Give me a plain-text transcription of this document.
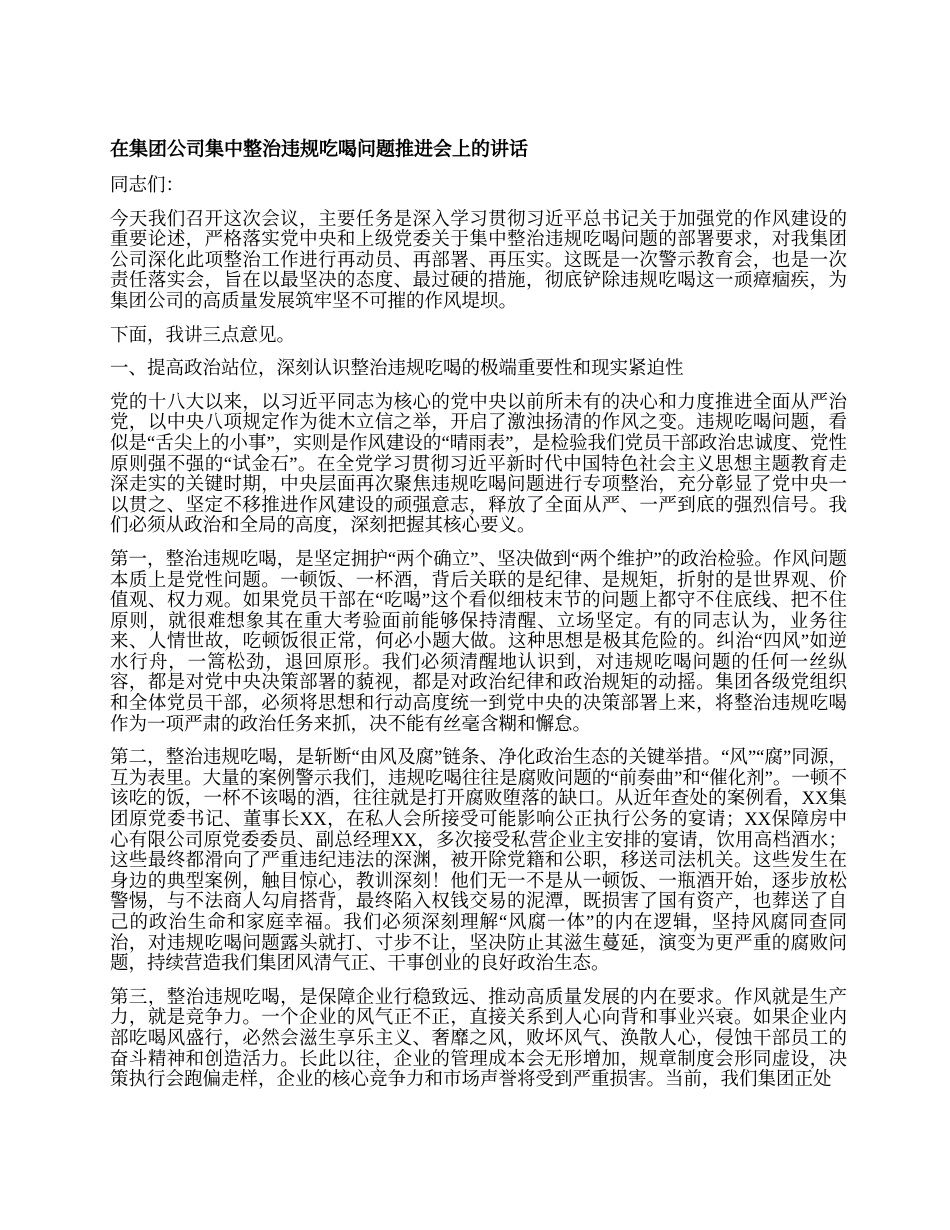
在集团公司集中整治违规吃喝问题推进会上的讲话

同志们：

今天我们召开这次会议，主要任务是深入学习贯彻习近平总书记关于加强党的作风建设的重要论述，严格落实党中央和上级党委关于集中整治违规吃喝问题的部署要求，对我集团公司深化此项整治工作进行再动员、再部署、再压实。这既是一次警示教育会，也是一次责任落实会，旨在以最坚决的态度、最过硬的措施，彻底铲除违规吃喝这一顽瘴痼疾，为集团公司的高质量发展筑牢坚不可摧的作风堤坝。

下面，我讲三点意见。

一、提高政治站位，深刻认识整治违规吃喝的极端重要性和现实紧迫性

党的十八大以来，以习近平同志为核心的党中央以前所未有的决心和力度推进全面从严治党，以中央八项规定作为徙木立信之举，开启了激浊扬清的作风之变。违规吃喝问题，看似是“舌尖上的小事”，实则是作风建设的“晴雨表”，是检验我们党员干部政治忠诚度、党性原则强不强的“试金石”。在全党学习贯彻习近平新时代中国特色社会主义思想主题教育走深走实的关键时期，中央层面再次聚焦违规吃喝问题进行专项整治，充分彰显了党中央一以贯之、坚定不移推进作风建设的顽强意志，释放了全面从严、一严到底的强烈信号。我们必须从政治和全局的高度，深刻把握其核心要义。

第一，整治违规吃喝，是坚定拥护“两个确立”、坚决做到“两个维护”的政治检验。作风问题本质上是党性问题。一顿饭、一杯酒，背后关联的是纪律、是规矩，折射的是世界观、价值观、权力观。如果党员干部在“吃喝”这个看似细枝末节的问题上都守不住底线、把不住原则，就很难想象其在重大考验面前能够保持清醒、立场坚定。有的同志认为，业务往来、人情世故，吃顿饭很正常，何必小题大做。这种思想是极其危险的。纠治“四风”如逆水行舟，一篙松劲，退回原形。我们必须清醒地认识到，对违规吃喝问题的任何一丝纵容，都是对党中央决策部署的藐视，都是对政治纪律和政治规矩的动摇。集团各级党组织和全体党员干部，必须将思想和行动高度统一到党中央的决策部署上来，将整治违规吃喝作为一项严肃的政治任务来抓，决不能有丝毫含糊和懈怠。

第二，整治违规吃喝，是斩断“由风及腐”链条、净化政治生态的关键举措。“风”“腐”同源，互为表里。大量的案例警示我们，违规吃喝往往是腐败问题的“前奏曲”和“催化剂”。一顿不该吃的饭，一杯不该喝的酒，往往就是打开腐败堕落的缺口。从近年查处的案例看，XX集团原党委书记、董事长XX，在私人会所接受可能影响公正执行公务的宴请；XX保障房中心有限公司原党委委员、副总经理XX，多次接受私营企业主安排的宴请，饮用高档酒水；这些最终都滑向了严重违纪违法的深渊，被开除党籍和公职，移送司法机关。这些发生在身边的典型案例，触目惊心，教训深刻！他们无一不是从一顿饭、一瓶酒开始，逐步放松警惕，与不法商人勾肩搭背，最终陷入权钱交易的泥潭，既损害了国有资产，也葬送了自己的政治生命和家庭幸福。我们必须深刻理解“风腐一体”的内在逻辑，坚持风腐同查同治，对违规吃喝问题露头就打、寸步不让，坚决防止其滋生蔓延，演变为更严重的腐败问题，持续营造我们集团风清气正、干事创业的良好政治生态。

第三，整治违规吃喝，是保障企业行稳致远、推动高质量发展的内在要求。作风就是生产力，就是竞争力。一个企业的风气正不正，直接关系到人心向背和事业兴衰。如果企业内部吃喝风盛行，必然会滋生享乐主义、奢靡之风，败坏风气、涣散人心，侵蚀干部员工的奋斗精神和创造活力。长此以往，企业的管理成本会无形增加，规章制度会形同虚设，决策执行会跑偏走样，企业的核心竞争力和市场声誉将受到严重损害。当前，我们集团正处
